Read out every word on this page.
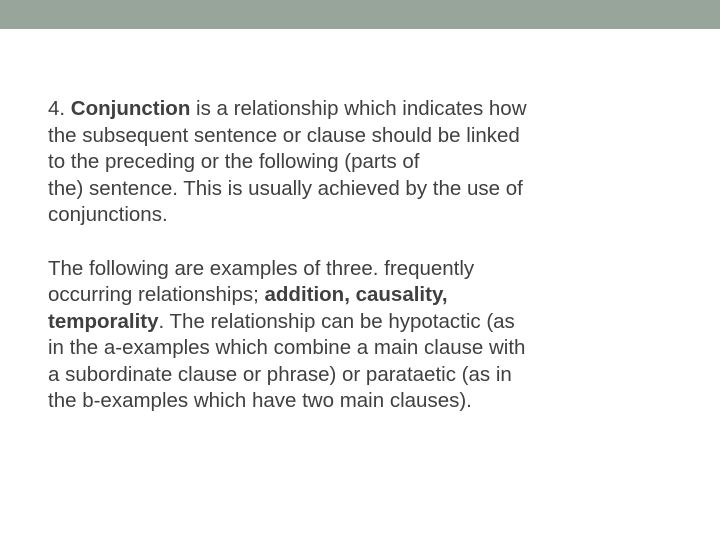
4. Conjunction is a relationship which indicates how
the subsequent sentence or clause should be linked
to the preceding or the following (parts of
the) sentence. This is usually achieved by the use of
conjunctions.

The following are examples of three. frequently
occurring relationships; addition, causality,
temporality. The relationship can be hypotactic (as
in the a-examples which combine a main clause with
a subordinate clause or phrase) or parataetic (as in
the b-examples which have two main clauses).
